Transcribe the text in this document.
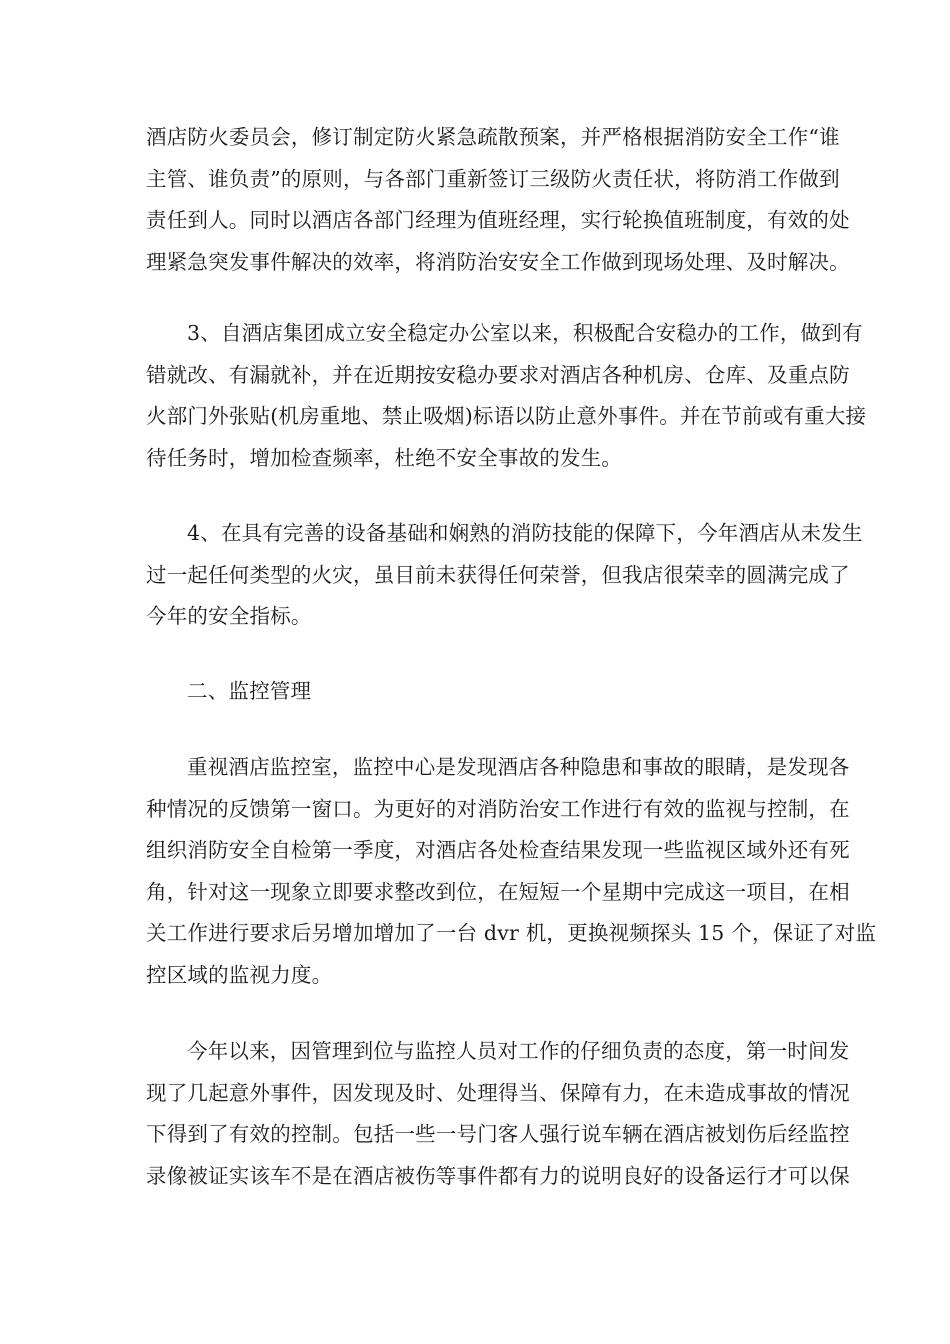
酒店防火委员会，修订制定防火紧急疏散预案，并严格根据消防安全工作“谁
主管、谁负责”的原则，与各部门重新签订三级防火责任状，将防消工作做到
责任到人。同时以酒店各部门经理为值班经理，实行轮换值班制度，有效的处
理紧急突发事件解决的效率，将消防治安安全工作做到现场处理、及时解决。
3、自酒店集团成立安全稳定办公室以来，积极配合安稳办的工作，做到有
错就改、有漏就补，并在近期按安稳办要求对酒店各种机房、仓库、及重点防
火部门外张贴(机房重地、禁止吸烟)标语以防止意外事件。并在节前或有重大接
待任务时，增加检查频率，杜绝不安全事故的发生。
4、在具有完善的设备基础和娴熟的消防技能的保障下，今年酒店从未发生
过一起任何类型的火灾，虽目前未获得任何荣誉，但我店很荣幸的圆满完成了
今年的安全指标。
二、监控管理
重视酒店监控室，监控中心是发现酒店各种隐患和事故的眼睛，是发现各
种情况的反馈第一窗口。为更好的对消防治安工作进行有效的监视与控制，在
组织消防安全自检第一季度，对酒店各处检查结果发现一些监视区域外还有死
角，针对这一现象立即要求整改到位，在短短一个星期中完成这一项目，在相
关工作进行要求后另增加增加了一台 dvr 机，更换视频探头 15 个，保证了对监
控区域的监视力度。
今年以来，因管理到位与监控人员对工作的仔细负责的态度，第一时间发
现了几起意外事件，因发现及时、处理得当、保障有力，在未造成事故的情况
下得到了有效的控制。包括一些一号门客人强行说车辆在酒店被划伤后经监控
录像被证实该车不是在酒店被伤等事件都有力的说明良好的设备运行才可以保
